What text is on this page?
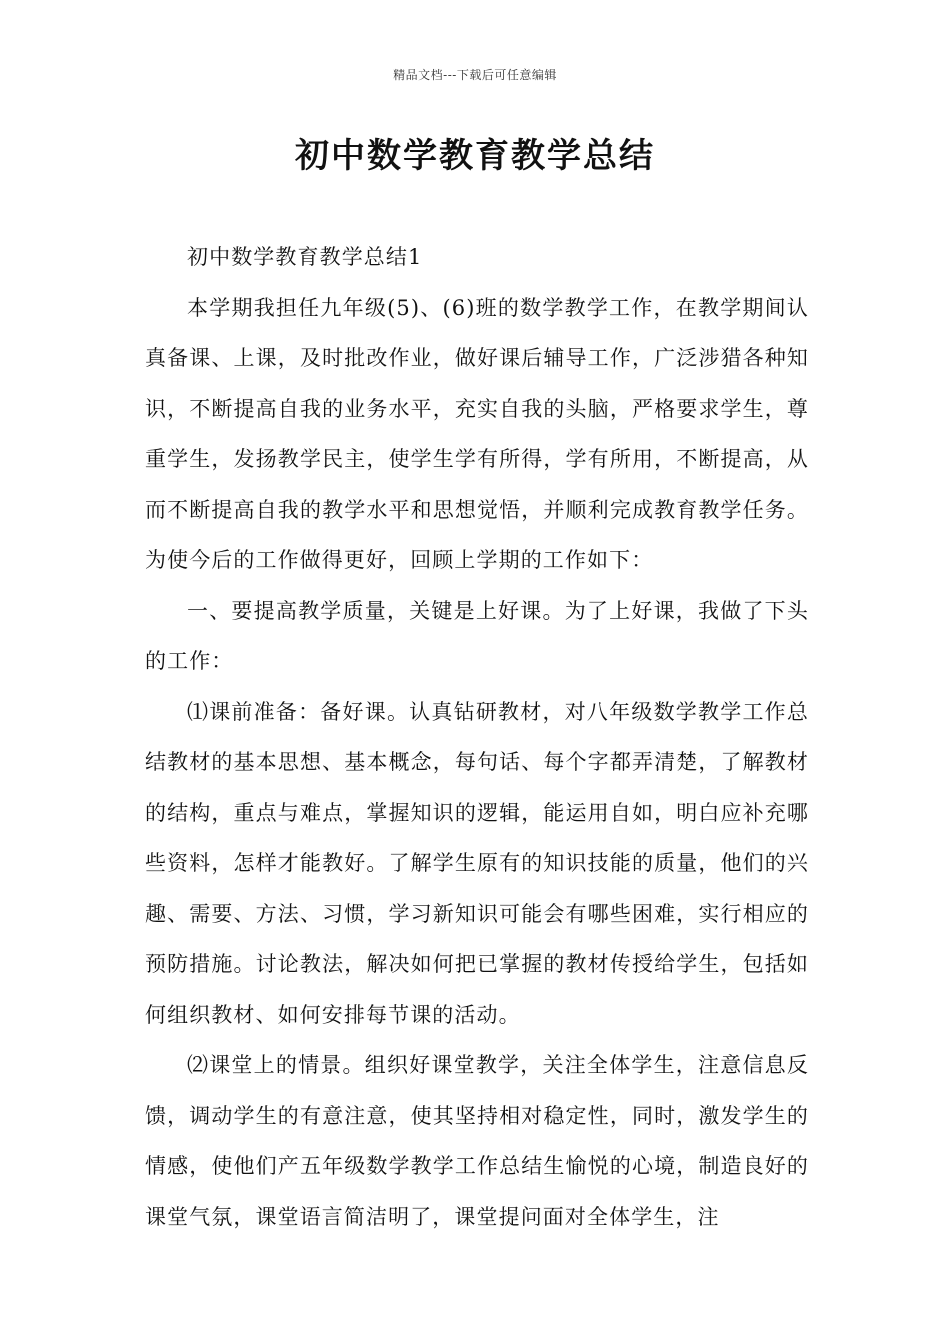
精品文档---下载后可任意编辑
初中数学教育教学总结

初中数学教育教学总结1

本学期我担任九年级(5)、(6)班的数学教学工作，在教学期间认真备课、上课，及时批改作业，做好课后辅导工作，广泛涉猎各种知识，不断提高自我的业务水平，充实自我的头脑，严格要求学生，尊重学生，发扬教学民主，使学生学有所得，学有所用，不断提高，从而不断提高自我的教学水平和思想觉悟，并顺利完成教育教学任务。为使今后的工作做得更好，回顾上学期的工作如下：

一、要提高教学质量，关键是上好课。为了上好课，我做了下头的工作：

⑴课前准备：备好课。认真钻研教材，对八年级数学教学工作总结教材的基本思想、基本概念，每句话、每个字都弄清楚，了解教材的结构，重点与难点，掌握知识的逻辑，能运用自如，明白应补充哪些资料，怎样才能教好。了解学生原有的知识技能的质量，他们的兴趣、需要、方法、习惯，学习新知识可能会有哪些困难，实行相应的预防措施。讨论教法，解决如何把已掌握的教材传授给学生，包括如何组织教材、如何安排每节课的活动。

⑵课堂上的情景。组织好课堂教学，关注全体学生，注意信息反馈，调动学生的有意注意，使其坚持相对稳定性，同时，激发学生的情感，使他们产五年级数学教学工作总结生愉悦的心境，制造良好的课堂气氛，课堂语言简洁明了，课堂提问面对全体学生，注
